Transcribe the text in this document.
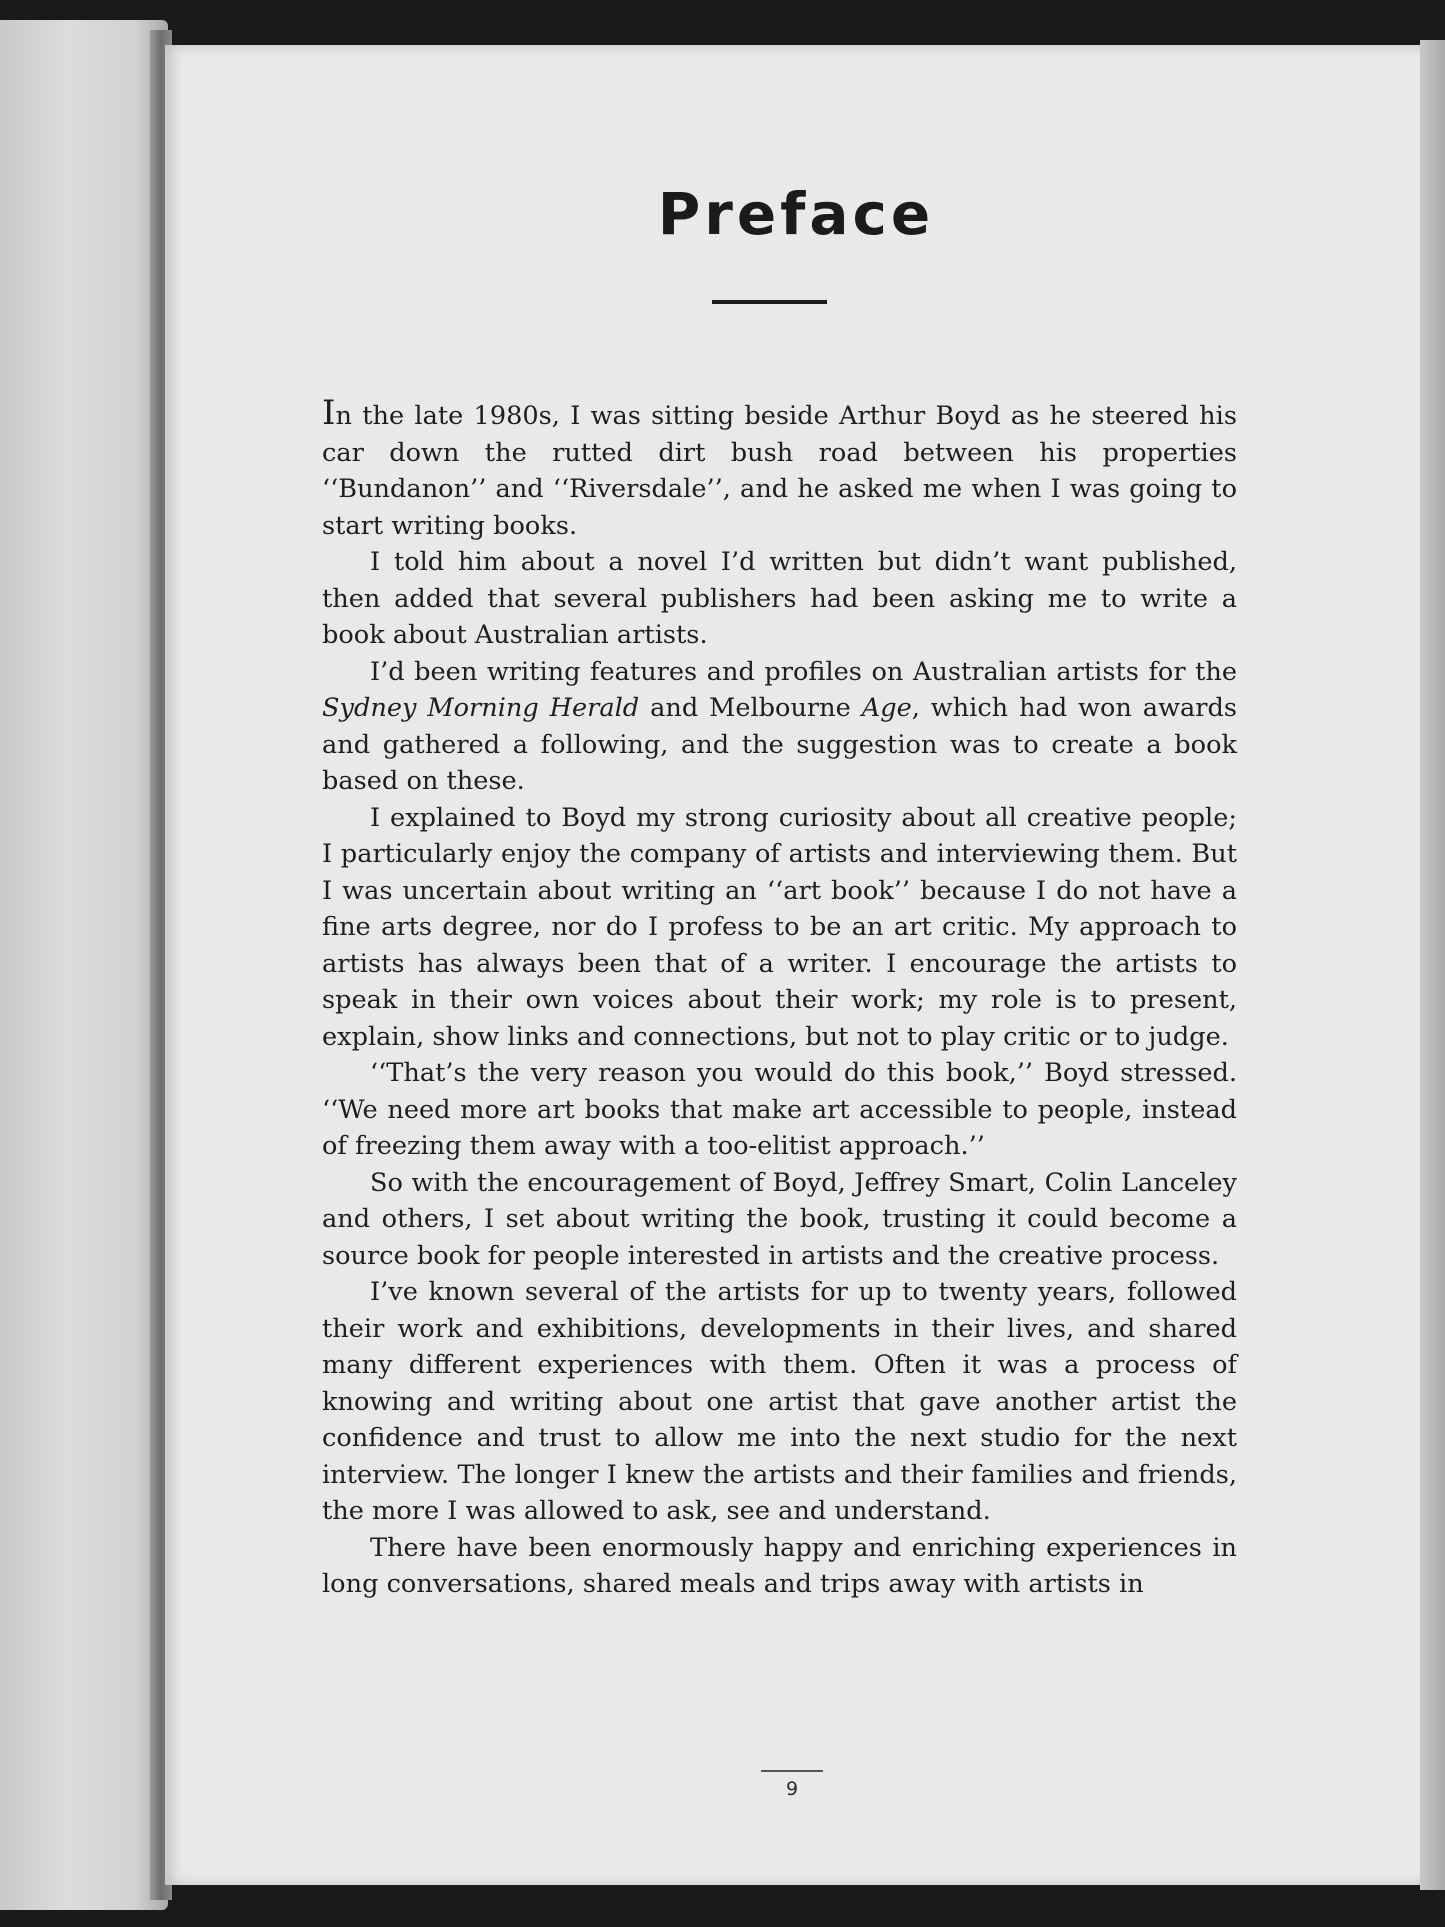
Preface

In the late 1980s, I was sitting beside Arthur Boyd as he steered his car down the rutted dirt bush road between his properties ‘‘Bundanon’’ and ‘‘Riversdale’’, and he asked me when I was going to start writing books.

I told him about a novel I’d written but didn’t want published, then added that several publishers had been asking me to write a book about Australian artists.

I’d been writing features and profiles on Australian artists for the Sydney Morning Herald and Melbourne Age, which had won awards and gathered a following, and the suggestion was to create a book based on these.

I explained to Boyd my strong curiosity about all creative people; I particularly enjoy the company of artists and interviewing them. But I was uncertain about writing an ‘‘art book’’ because I do not have a fine arts degree, nor do I profess to be an art critic. My approach to artists has always been that of a writer. I encourage the artists to speak in their own voices about their work; my role is to present, explain, show links and connections, but not to play critic or to judge.

‘‘That’s the very reason you would do this book,’’ Boyd stressed. ‘‘We need more art books that make art accessible to people, instead of freezing them away with a too-elitist approach.’’

So with the encouragement of Boyd, Jeffrey Smart, Colin Lanceley and others, I set about writing the book, trusting it could become a source book for people interested in artists and the creative process.

I’ve known several of the artists for up to twenty years, followed their work and exhibitions, developments in their lives, and shared many different experiences with them. Often it was a process of knowing and writing about one artist that gave another artist the confidence and trust to allow me into the next studio for the next interview. The longer I knew the artists and their families and friends, the more I was allowed to ask, see and understand.

There have been enormously happy and enriching experiences in long conversations, shared meals and trips away with artists in

9
